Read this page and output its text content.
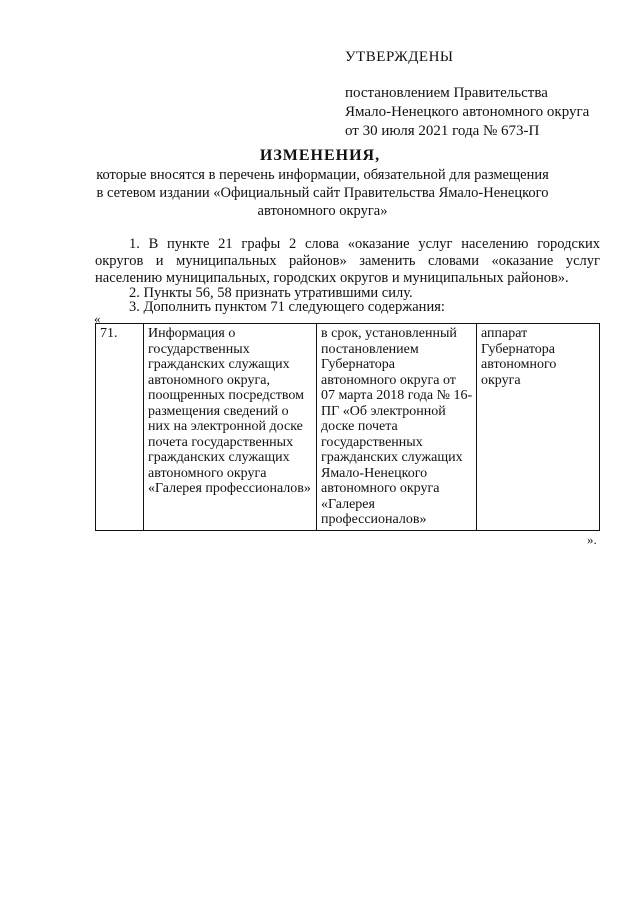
УТВЕРЖДЕНЫ
постановлением Правительства
Ямало-Ненецкого автономного округа
от 30 июля 2021 года № 673-П
ИЗМЕНЕНИЯ,
которые вносятся в перечень информации, обязательной для размещения в сетевом издании «Официальный сайт Правительства Ямало-Ненецкого автономного округа»
1. В пункте 21 графы 2 слова «оказание услуг населению городских округов и муниципальных районов» заменить словами «оказание услуг населению муниципальных, городских округов и муниципальных районов».
2. Пункты 56, 58 признать утратившими силу.
3. Дополнить пунктом 71 следующего содержания:
«
71.	Информация о государственных гражданских служащих автономного округа, поощренных посредством размещения сведений о них на электронной доске почета государственных гражданских служащих автономного округа «Галерея профессионалов»	в срок, установленный постановлением Губернатора автономного округа от 07 марта 2018 года № 16-ПГ «Об электронной доске почета государственных гражданских служащих Ямало-Ненецкого автономного округа «Галерея профессионалов»	аппарат Губернатора автономного округа
».
